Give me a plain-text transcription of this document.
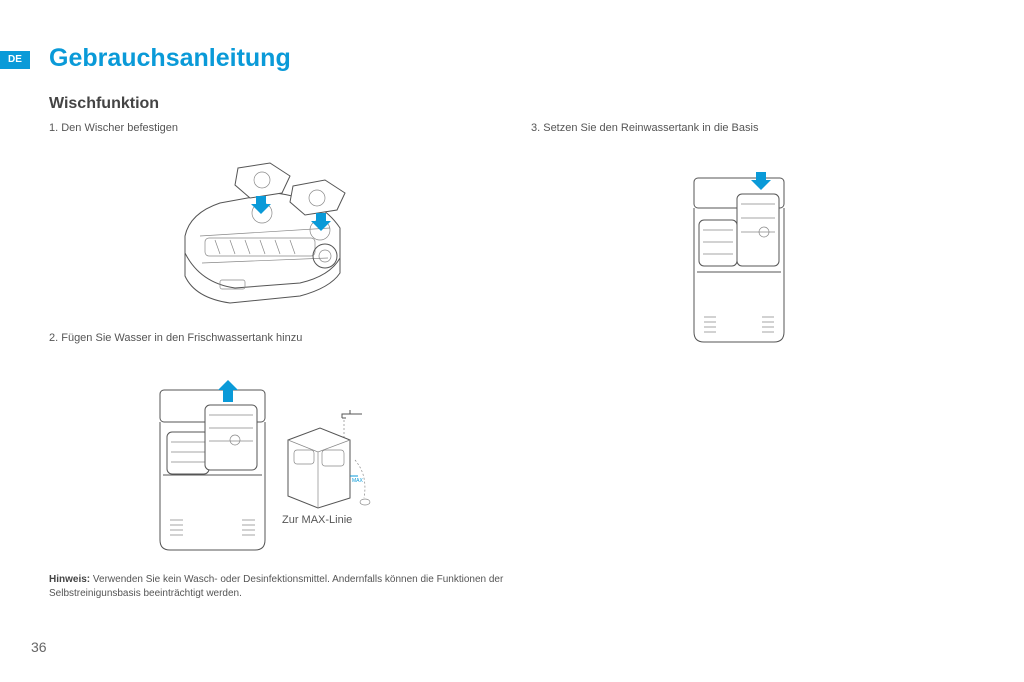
DE	Gebrauchsanleitung
Wischfunktion

1. Den Wischer befestigen

2. Fügen Sie Wasser in den Frischwassertank hinzu

3. Setzen Sie den Reinwassertank in die Basis

MAX
Zur MAX-Linie

Hinweis: Verwenden Sie kein Wasch- oder Desinfektionsmittel. Andernfalls können die Funktionen der Selbstreinigunsbasis beeinträchtigt werden.

36
